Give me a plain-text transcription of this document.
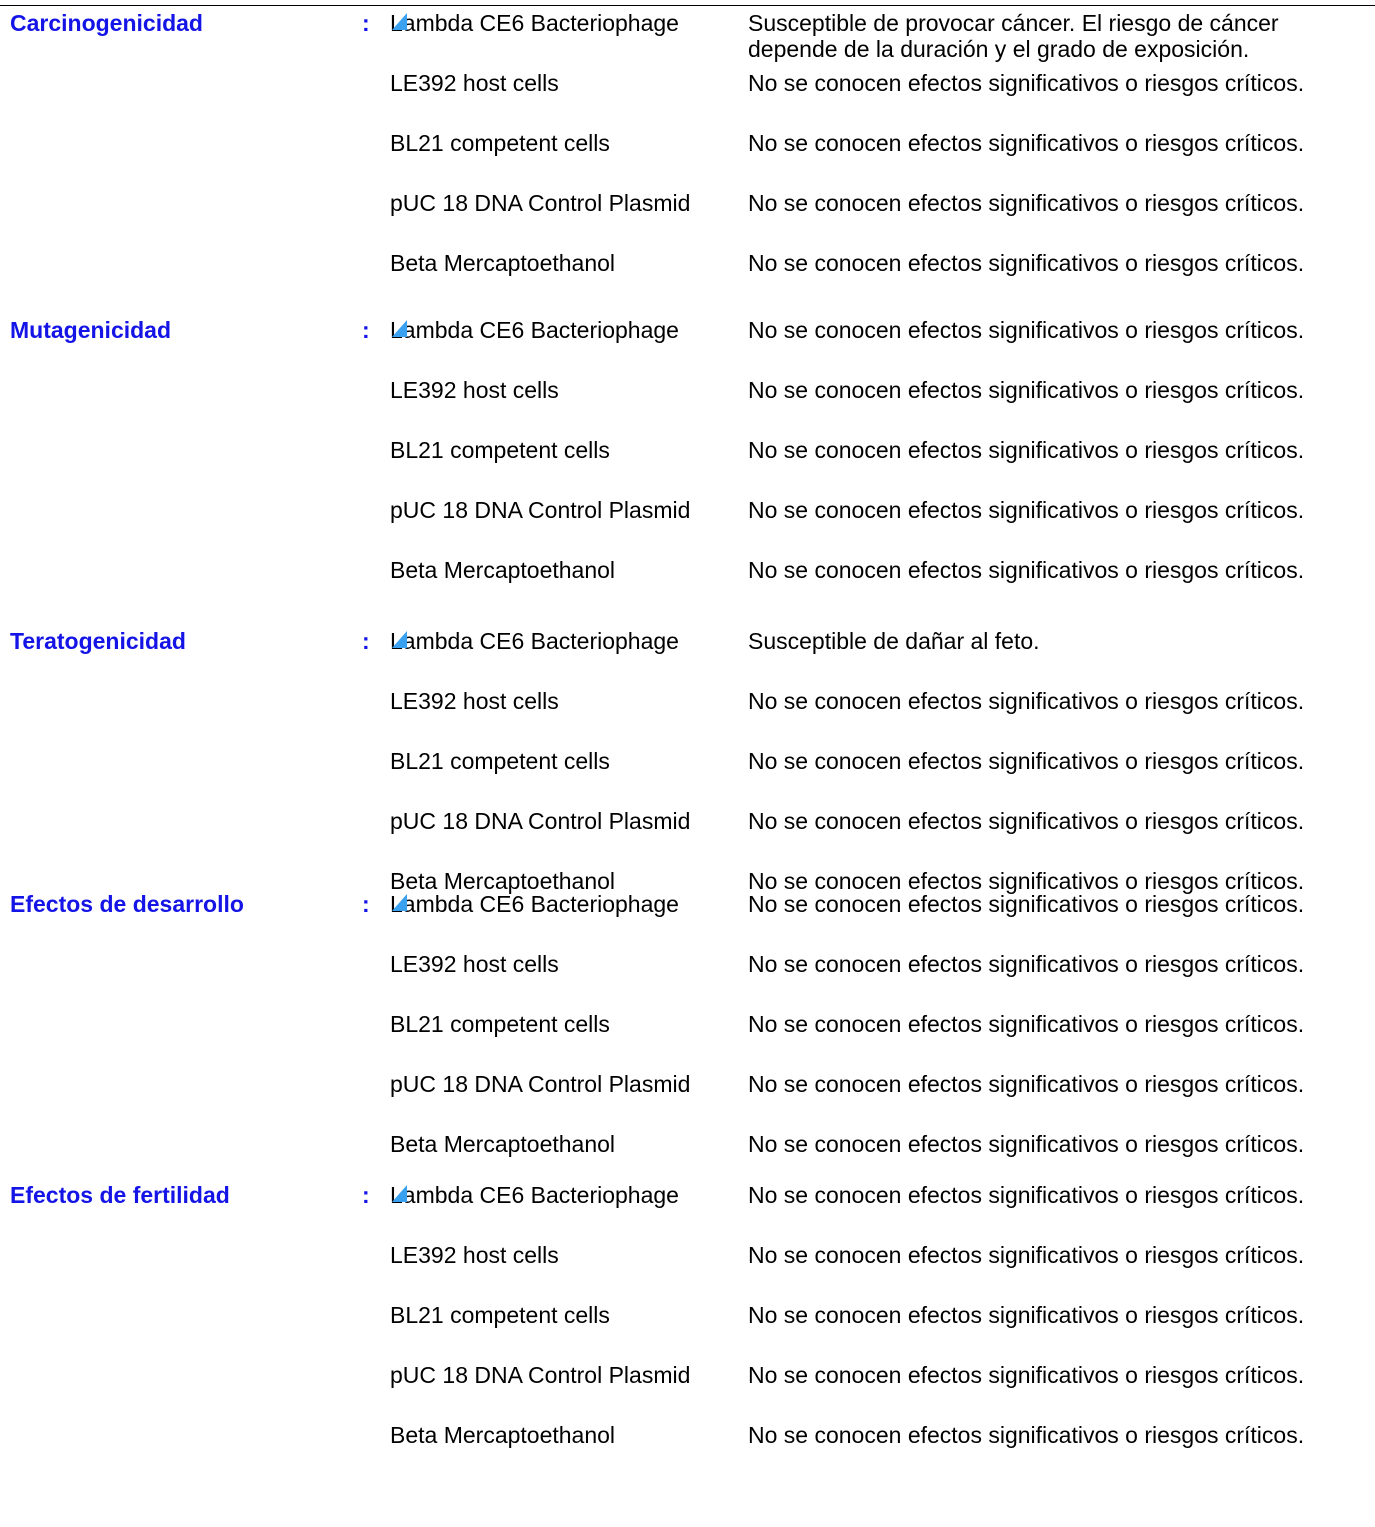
Carcinogenicidad	: Lambda CE6 Bacteriophage	Susceptible de provocar cáncer. El riesgo de cáncer depende de la duración y el grado de exposición.
LE392 host cells	No se conocen efectos significativos o riesgos críticos.
BL21 competent cells	No se conocen efectos significativos o riesgos críticos.
pUC 18 DNA Control Plasmid	No se conocen efectos significativos o riesgos críticos.
Beta Mercaptoethanol	No se conocen efectos significativos o riesgos críticos.
Mutagenicidad	: Lambda CE6 Bacteriophage	No se conocen efectos significativos o riesgos críticos.
LE392 host cells	No se conocen efectos significativos o riesgos críticos.
BL21 competent cells	No se conocen efectos significativos o riesgos críticos.
pUC 18 DNA Control Plasmid	No se conocen efectos significativos o riesgos críticos.
Beta Mercaptoethanol	No se conocen efectos significativos o riesgos críticos.
Teratogenicidad	: Lambda CE6 Bacteriophage	Susceptible de dañar al feto.
LE392 host cells	No se conocen efectos significativos o riesgos críticos.
BL21 competent cells	No se conocen efectos significativos o riesgos críticos.
pUC 18 DNA Control Plasmid	No se conocen efectos significativos o riesgos críticos.
Beta Mercaptoethanol	No se conocen efectos significativos o riesgos críticos.
Efectos de desarrollo	: Lambda CE6 Bacteriophage	No se conocen efectos significativos o riesgos críticos.
LE392 host cells	No se conocen efectos significativos o riesgos críticos.
BL21 competent cells	No se conocen efectos significativos o riesgos críticos.
pUC 18 DNA Control Plasmid	No se conocen efectos significativos o riesgos críticos.
Beta Mercaptoethanol	No se conocen efectos significativos o riesgos críticos.
Efectos de fertilidad	: Lambda CE6 Bacteriophage	No se conocen efectos significativos o riesgos críticos.
LE392 host cells	No se conocen efectos significativos o riesgos críticos.
BL21 competent cells	No se conocen efectos significativos o riesgos críticos.
pUC 18 DNA Control Plasmid	No se conocen efectos significativos o riesgos críticos.
Beta Mercaptoethanol	No se conocen efectos significativos o riesgos críticos.
